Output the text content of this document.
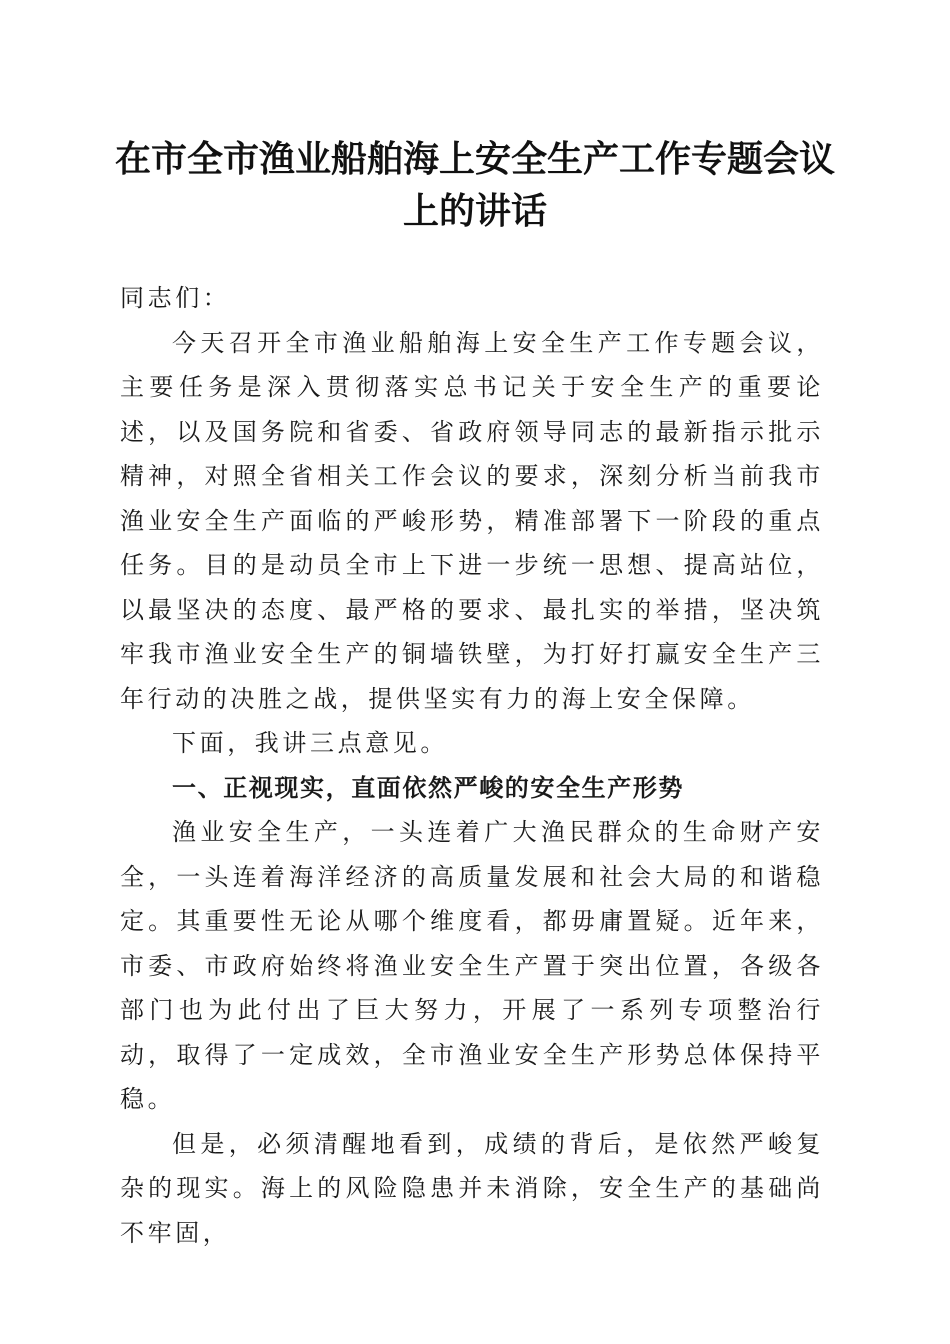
在市全市渔业船舶海上安全生产工作专题会议上的讲话

同志们：

今天召开全市渔业船舶海上安全生产工作专题会议，主要任务是深入贯彻落实总书记关于安全生产的重要论述，以及国务院和省委、省政府领导同志的最新指示批示精神，对照全省相关工作会议的要求，深刻分析当前我市渔业安全生产面临的严峻形势，精准部署下一阶段的重点任务。目的是动员全市上下进一步统一思想、提高站位，以最坚决的态度、最严格的要求、最扎实的举措，坚决筑牢我市渔业安全生产的铜墙铁壁，为打好打赢安全生产三年行动的决胜之战，提供坚实有力的海上安全保障。

下面，我讲三点意见。

一、正视现实，直面依然严峻的安全生产形势

渔业安全生产，一头连着广大渔民群众的生命财产安全，一头连着海洋经济的高质量发展和社会大局的和谐稳定。其重要性无论从哪个维度看，都毋庸置疑。近年来，市委、市政府始终将渔业安全生产置于突出位置，各级各部门也为此付出了巨大努力，开展了一系列专项整治行动，取得了一定成效，全市渔业安全生产形势总体保持平稳。

但是，必须清醒地看到，成绩的背后，是依然严峻复杂的现实。海上的风险隐患并未消除，安全生产的基础尚不牢固，
